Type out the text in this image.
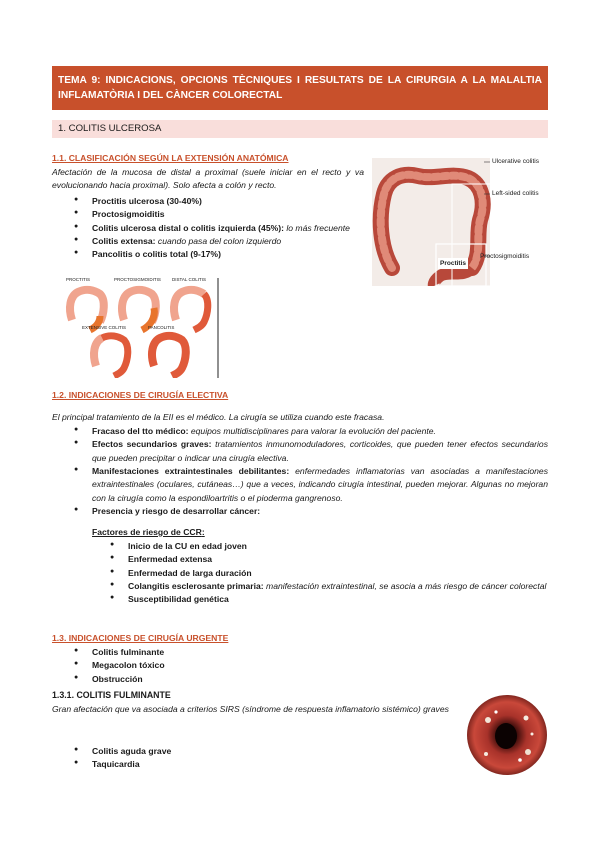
TEMA 9: INDICACIONS, OPCIONS TÈCNIQUES I RESULTATS DE LA CIRURGIA A LA MALALTIA INFLAMATÒRIA I DEL CÀNCER COLORECTAL
1. COLITIS ULCEROSA
1.1. CLASIFICACIÓN SEGÚN LA EXTENSIÓN ANATÓMICA
Afectación de la mucosa de distal a proximal (suele iniciar en el recto y va evolucionando hacia proximal). Solo afecta a colón y recto.
● Proctitis ulcerosa (30-40%)
● Proctosigmoiditis
● Colitis ulcerosa distal o colitis izquierda (45%): lo más frecuente
● Colitis extensa: cuando pasa del colon izquierdo
● Pancolitis o colitis total (9-17%)
Ulcerative colitis
Left-sided colitis
Proctosigmoiditis
Proctitis
PROCTITIS	PROCTOSIGMOIDITIS DISTAL COLITIS
EXTENSIVE COLITIS	PANCOLITIS
1.2. INDICACIONES DE CIRUGÍA ELECTIVA
El principal tratamiento de la EII es el médico. La cirugía se utiliza cuando este fracasa.
● Fracaso del tto médico: equipos multidisciplinares para valorar la evolución del paciente.
● Efectos secundarios graves: tratamientos inmunomoduladores, corticoides, que pueden tener efectos secundarios que pueden precipitar o indicar una cirugía electiva.
● Manifestaciones extraintestinales debilitantes: enfermedades inflamatorias van asociadas a manifestaciones extraintestinales (oculares, cutáneas…) que a veces, indicando cirugía intestinal, pueden mejorar. Algunas no mejoran con la cirugía como la espondiloartritis o el pioderma gangrenoso.
● Presencia y riesgo de desarrollar cáncer:
Factores de riesgo de CCR:
● Inicio de la CU en edad joven
● Enfermedad extensa
● Enfermedad de larga duración
● Colangitis esclerosante primaria: manifestación extraintestinal, se asocia a más riesgo de cáncer colorectal
● Susceptibilidad genética
1.3. INDICACIONES DE CIRUGÍA URGENTE
● Colitis fulminante
● Megacolon tóxico
● Obstrucción
1.3.1. COLITIS FULMINANTE
Gran afectación que va asociada a criterios SIRS (síndrome de respuesta inflamatorio sistémico) graves
● Colitis aguda grave
● Taquicardia
